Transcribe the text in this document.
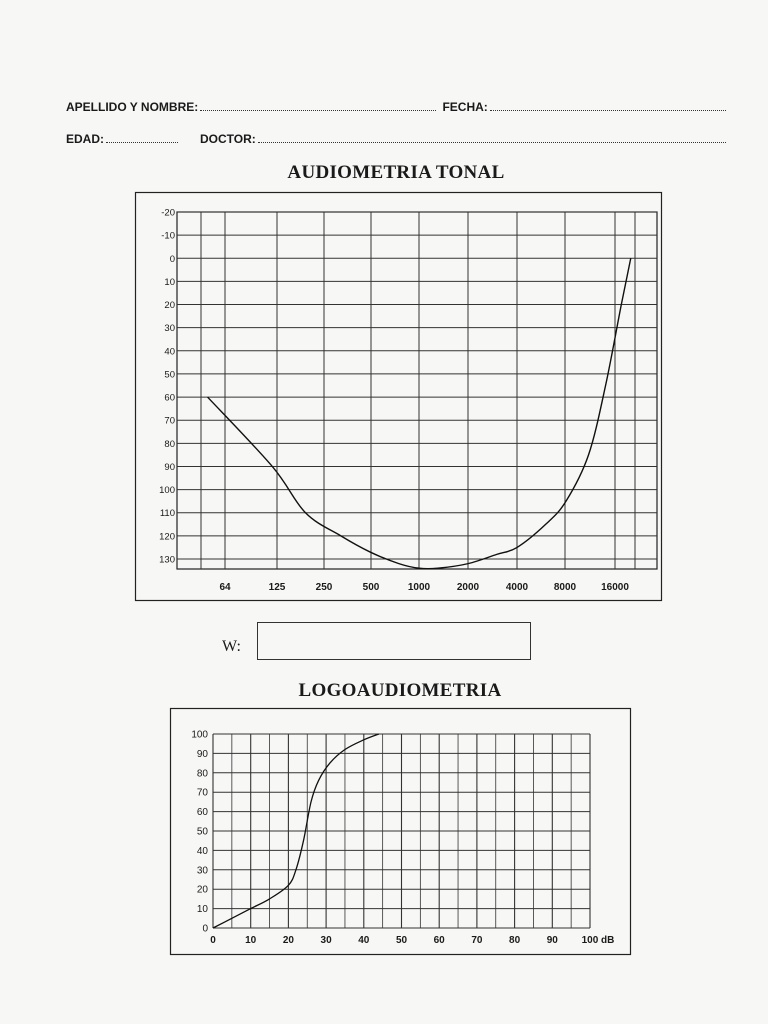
APELLIDO Y NOMBRE:	FECHA:
EDAD:	DOCTOR:
AUDIOMETRIA TONAL
-20
-10
0
10
20
30
40
50
60
70
80
90
100
110
120
130
64	125	250	500	1000	2000	4000	8000 16000
W:
LOGOAUDIOMETRIA
0
10
20
30
40
50
60
70
80
90
100
0	10	20	30	40	50	60	70	80	90 100 dB
